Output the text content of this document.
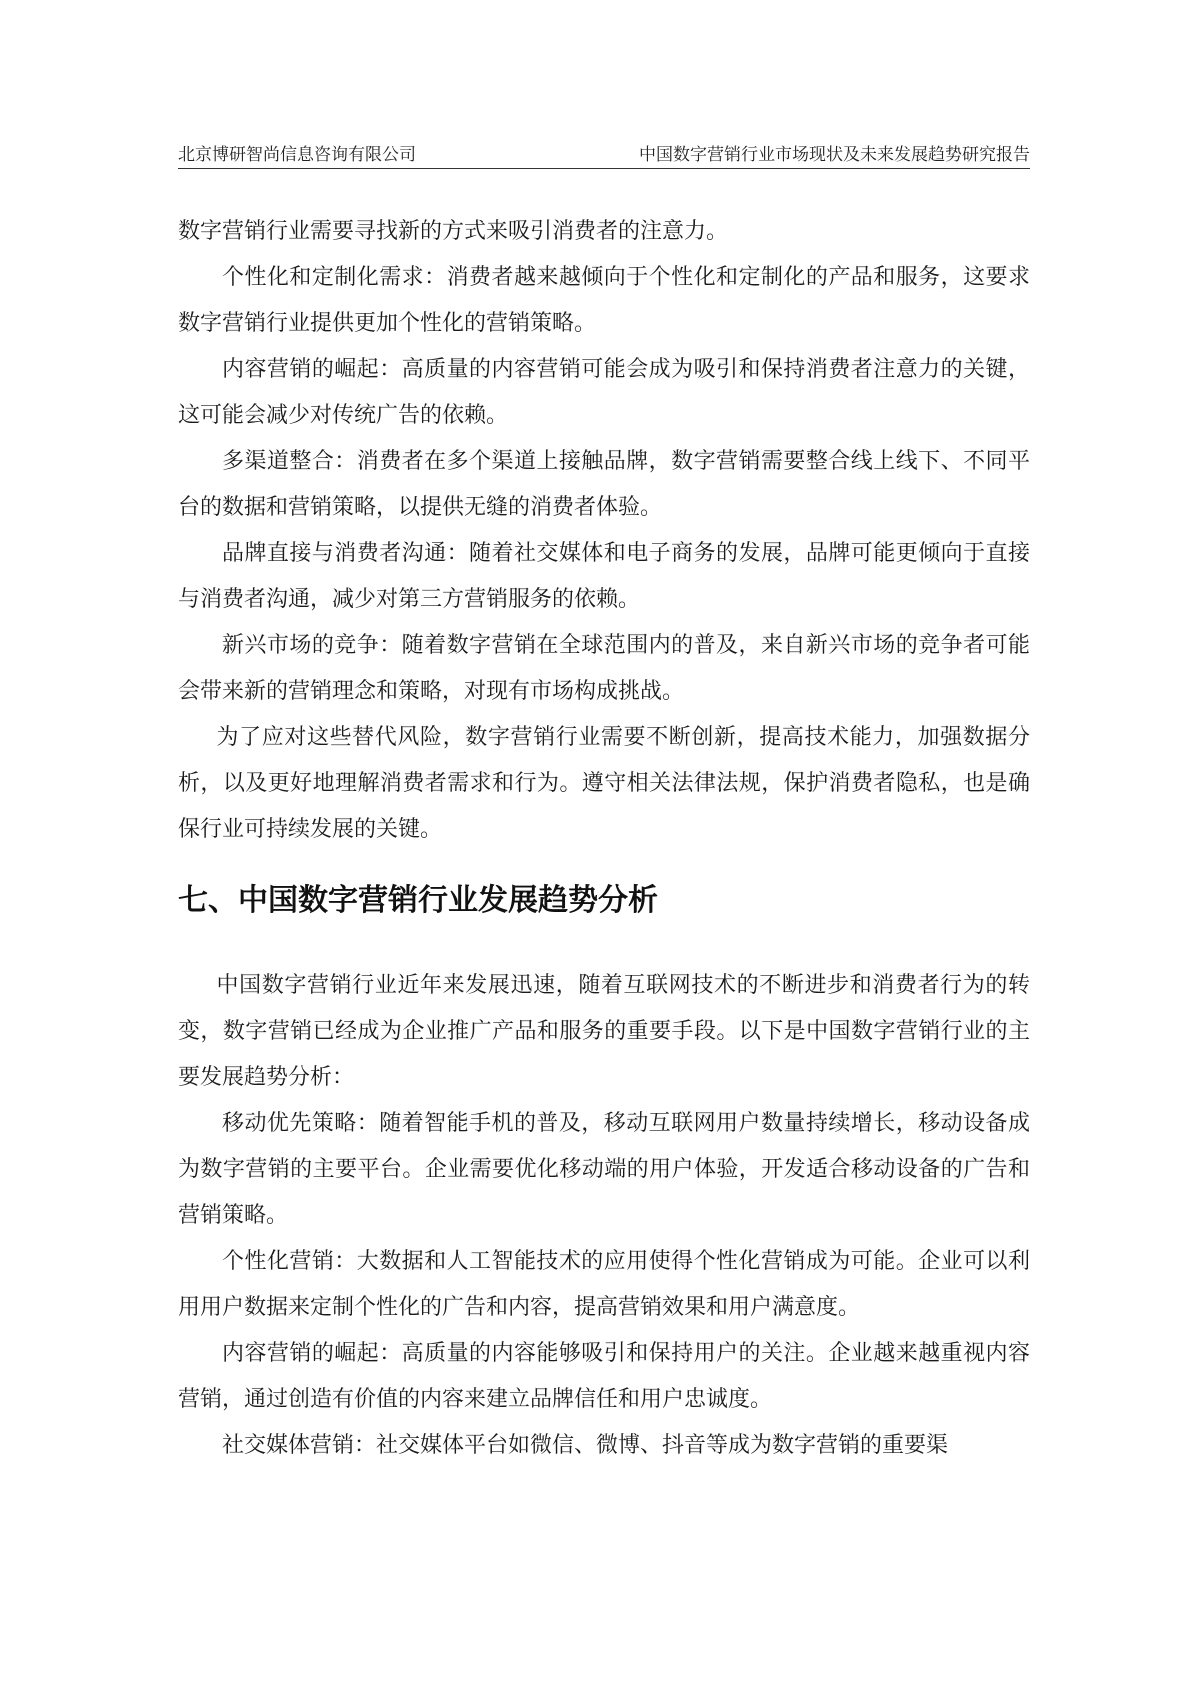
北京博研智尚信息咨询有限公司	中国数字营销行业市场现状及未来发展趋势研究报告

数字营销行业需要寻找新的方式来吸引消费者的注意力。

个性化和定制化需求：消费者越来越倾向于个性化和定制化的产品和服务，这要求数字营销行业提供更加个性化的营销策略。

内容营销的崛起：高质量的内容营销可能会成为吸引和保持消费者注意力的关键，这可能会减少对传统广告的依赖。

多渠道整合：消费者在多个渠道上接触品牌，数字营销需要整合线上线下、不同平台的数据和营销策略，以提供无缝的消费者体验。

品牌直接与消费者沟通：随着社交媒体和电子商务的发展，品牌可能更倾向于直接与消费者沟通，减少对第三方营销服务的依赖。

新兴市场的竞争：随着数字营销在全球范围内的普及，来自新兴市场的竞争者可能会带来新的营销理念和策略，对现有市场构成挑战。

为了应对这些替代风险，数字营销行业需要不断创新，提高技术能力，加强数据分析，以及更好地理解消费者需求和行为。遵守相关法律法规，保护消费者隐私，也是确保行业可持续发展的关键。

七、中国数字营销行业发展趋势分析

中国数字营销行业近年来发展迅速，随着互联网技术的不断进步和消费者行为的转变，数字营销已经成为企业推广产品和服务的重要手段。以下是中国数字营销行业的主要发展趋势分析：

移动优先策略：随着智能手机的普及，移动互联网用户数量持续增长，移动设备成为数字营销的主要平台。企业需要优化移动端的用户体验，开发适合移动设备的广告和营销策略。

个性化营销：大数据和人工智能技术的应用使得个性化营销成为可能。企业可以利用用户数据来定制个性化的广告和内容，提高营销效果和用户满意度。

内容营销的崛起：高质量的内容能够吸引和保持用户的关注。企业越来越重视内容营销，通过创造有价值的内容来建立品牌信任和用户忠诚度。

社交媒体营销：社交媒体平台如微信、微博、抖音等成为数字营销的重要渠
